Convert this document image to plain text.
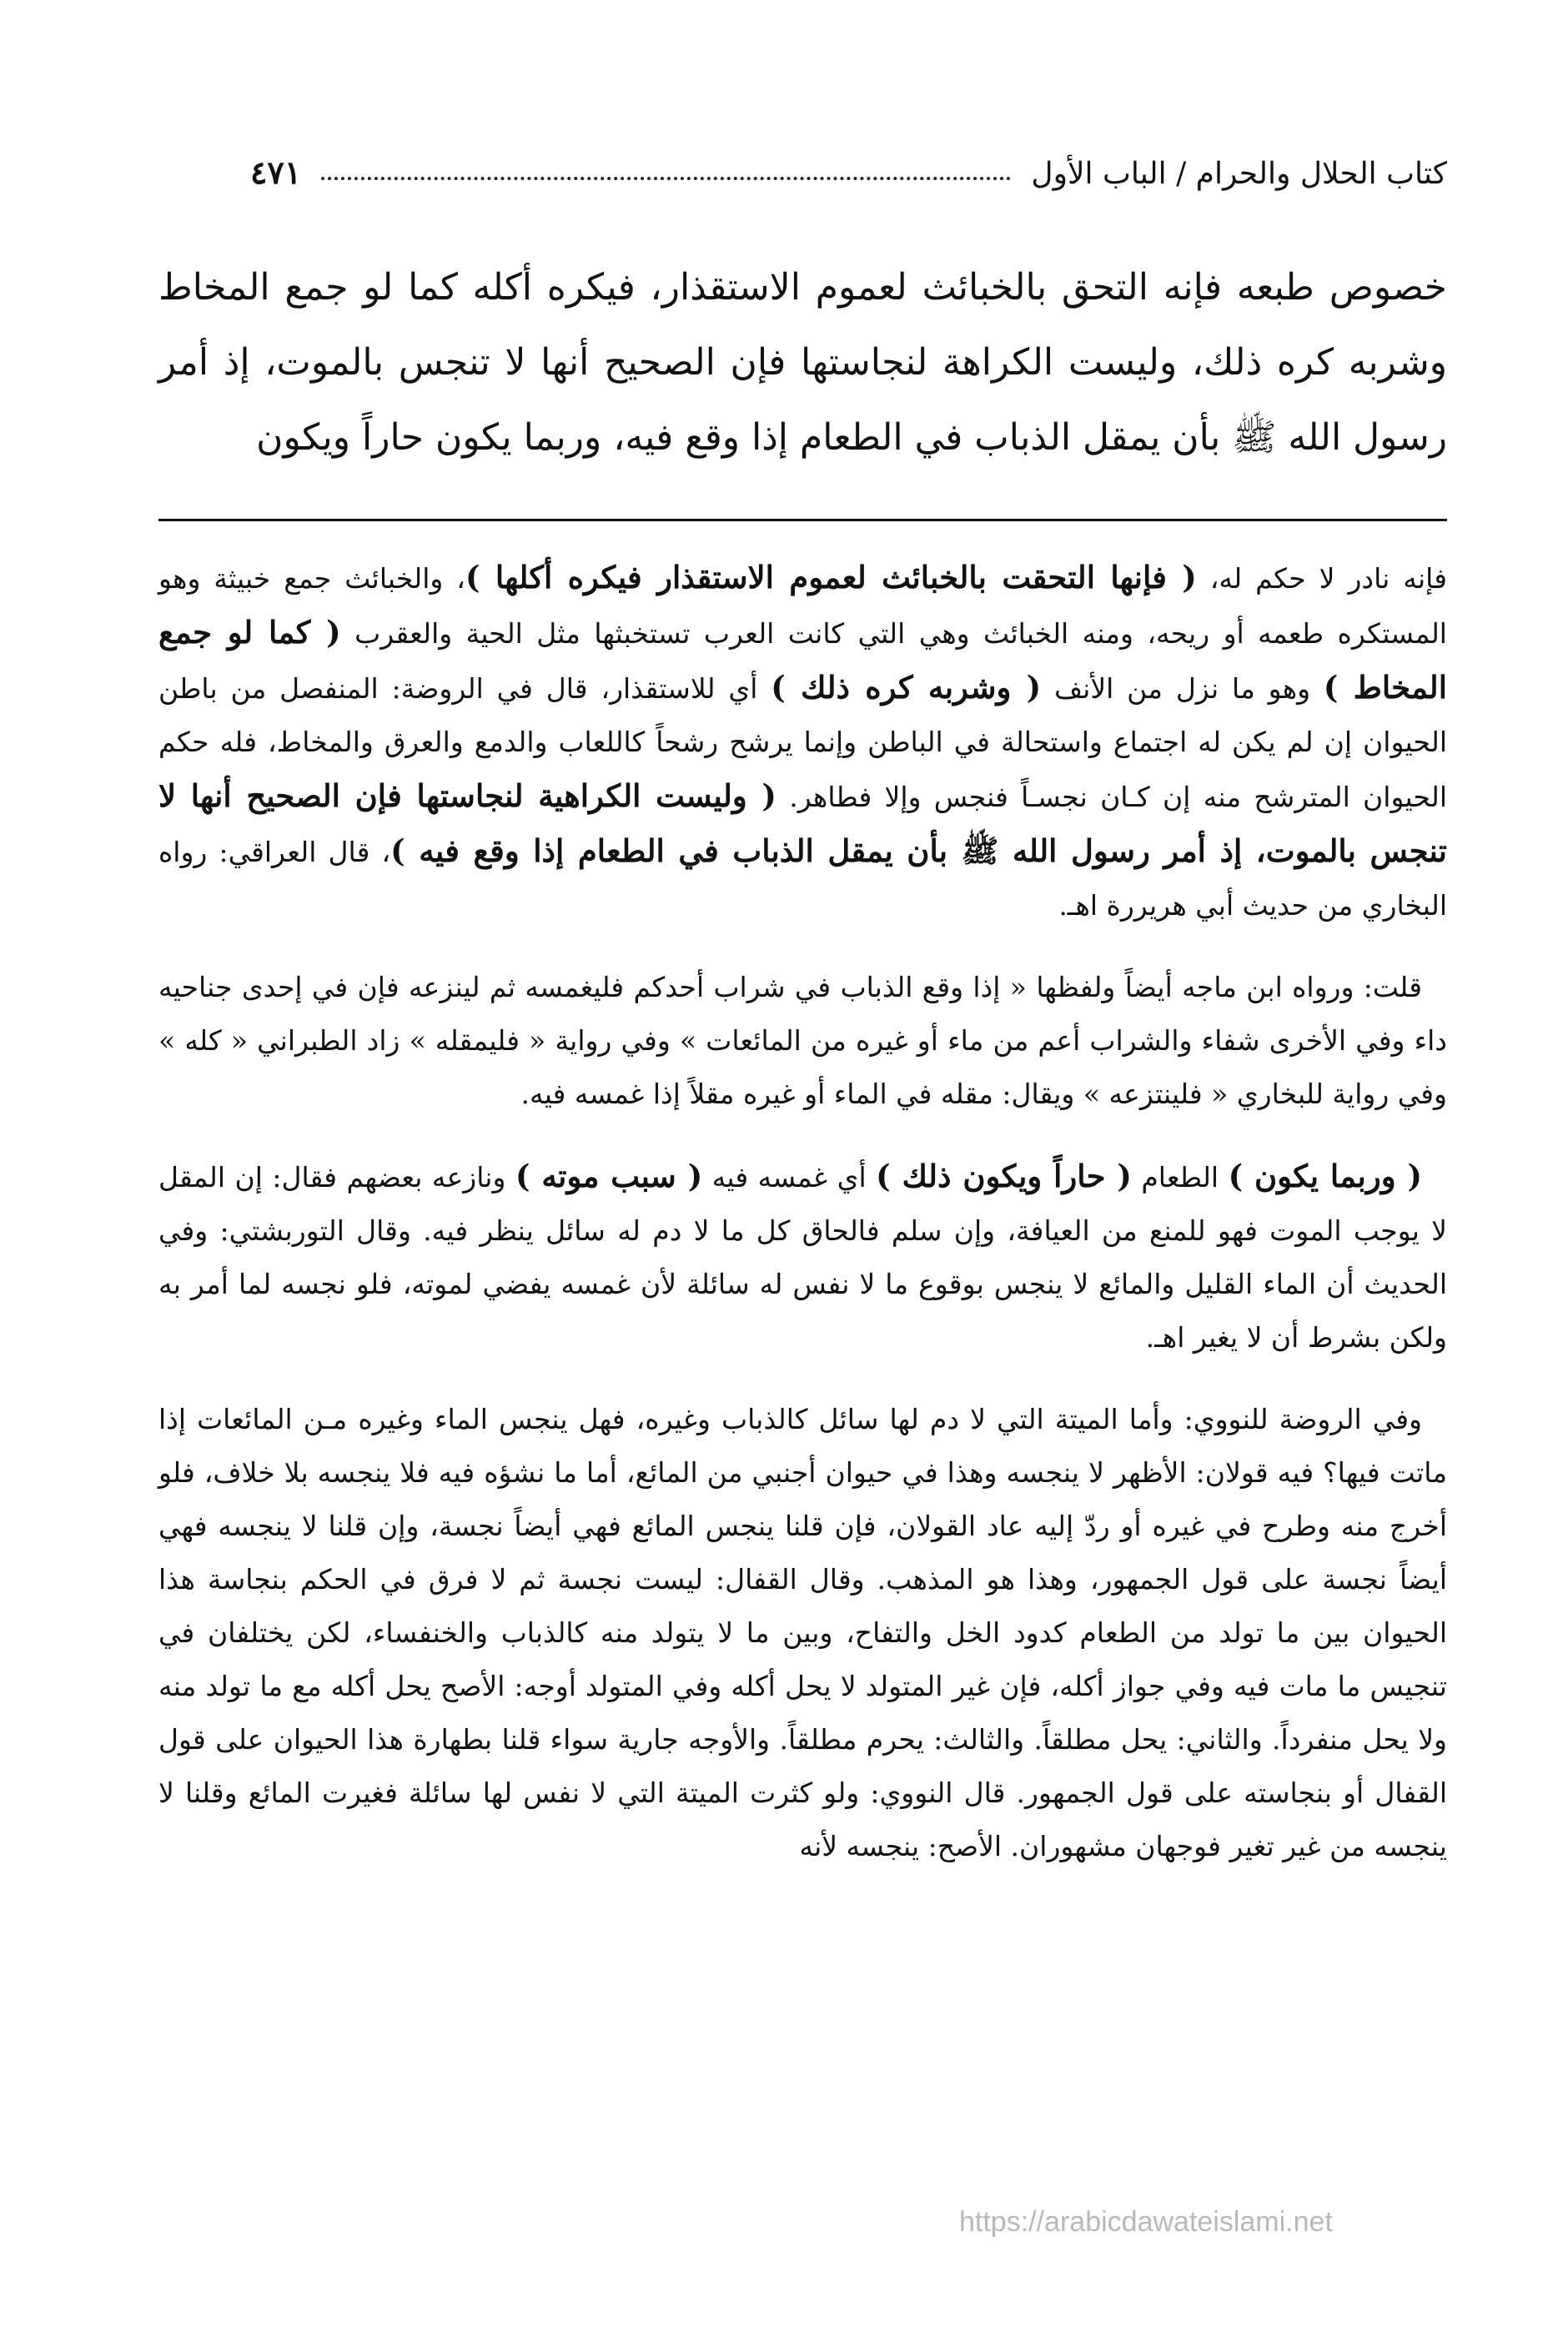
كتاب الحلال والحرام / الباب الأول
٤٧١
خصوص طبعه فإنه التحق بالخبائث لعموم الاستقذار، فيكره أكله كما لو جمع المخاط وشربه كره ذلك، وليست الكراهة لنجاستها فإن الصحيح أنها لا تنجس بالموت، إذ أمر رسول الله ﷺ بأن يمقل الذباب في الطعام إذا وقع فيه، وربما يكون حاراً ويكون

فإنه نادر لا حكم له، ( فإنها التحقت بالخبائث لعموم الاستقذار فيكره أكلها )، والخبائث جمع خبيثة وهو المستكره طعمه أو ريحه، ومنه الخبائث وهي التي كانت العرب تستخبثها مثل الحية والعقرب ( كما لو جمع المخاط ) وهو ما نزل من الأنف ( وشربه كره ذلك ) أي للاستقذار، قال في الروضة: المنفصل من باطن الحيوان إن لم يكن له اجتماع واستحالة في الباطن وإنما يرشح رشحاً كاللعاب والدمع والعرق والمخاط، فله حكم الحيوان المترشح منه إن كـان نجسـاً فنجس وإلا فطاهر. ( وليست الكراهية لنجاستها فإن الصحيح أنها لا تنجس بالموت، إذ أمر رسول الله ﷺ بأن يمقل الذباب في الطعام إذا وقع فيه )، قال العراقي: رواه البخاري من حديث أبي هريررة اهـ.

قلت: ورواه ابن ماجه أيضاً ولفظها « إذا وقع الذباب في شراب أحدكم فليغمسه ثم لينزعه فإن في إحدى جناحيه داء وفي الأخرى شفاء والشراب أعم من ماء أو غيره من المائعات » وفي رواية « فليمقله » زاد الطبراني « كله » وفي رواية للبخاري « فلينتزعه » ويقال: مقله في الماء أو غيره مقلاً إذا غمسه فيه.

( وربما يكون ) الطعام ( حاراً ويكون ذلك ) أي غمسه فيه ( سبب موته ) ونازعه بعضهم فقال: إن المقل لا يوجب الموت فهو للمنع من العيافة، وإن سلم فالحاق كل ما لا دم له سائل ينظر فيه. وقال التوربشتي: وفي الحديث أن الماء القليل والمائع لا ينجس بوقوع ما لا نفس له سائلة لأن غمسه يفضي لموته، فلو نجسه لما أمر به ولكن بشرط أن لا يغير اهـ.

وفي الروضة للنووي: وأما الميتة التي لا دم لها سائل كالذباب وغيره، فهل ينجس الماء وغيره مـن المائعات إذا ماتت فيها؟ فيه قولان: الأظهر لا ينجسه وهذا في حيوان أجنبي من المائع، أما ما نشؤه فيه فلا ينجسه بلا خلاف، فلو أخرج منه وطرح في غيره أو ردّ إليه عاد القولان، فإن قلنا ينجس المائع فهي أيضاً نجسة، وإن قلنا لا ينجسه فهي أيضاً نجسة على قول الجمهور، وهذا هو المذهب. وقال القفال: ليست نجسة ثم لا فرق في الحكم بنجاسة هذا الحيوان بين ما تولد من الطعام كدود الخل والتفاح، وبين ما لا يتولد منه كالذباب والخنفساء، لكن يختلفان في تنجيس ما مات فيه وفي جواز أكله، فإن غير المتولد لا يحل أكله وفي المتولد أوجه: الأصح يحل أكله مع ما تولد منه ولا يحل منفرداً. والثاني: يحل مطلقاً. والثالث: يحرم مطلقاً. والأوجه جارية سواء قلنا بطهارة هذا الحيوان على قول القفال أو بنجاسته على قول الجمهور. قال النووي: ولو كثرت الميتة التي لا نفس لها سائلة فغيرت المائع وقلنا لا ينجسه من غير تغير فوجهان مشهوران. الأصح: ينجسه لأنه

https://arabicdawateislami.net
